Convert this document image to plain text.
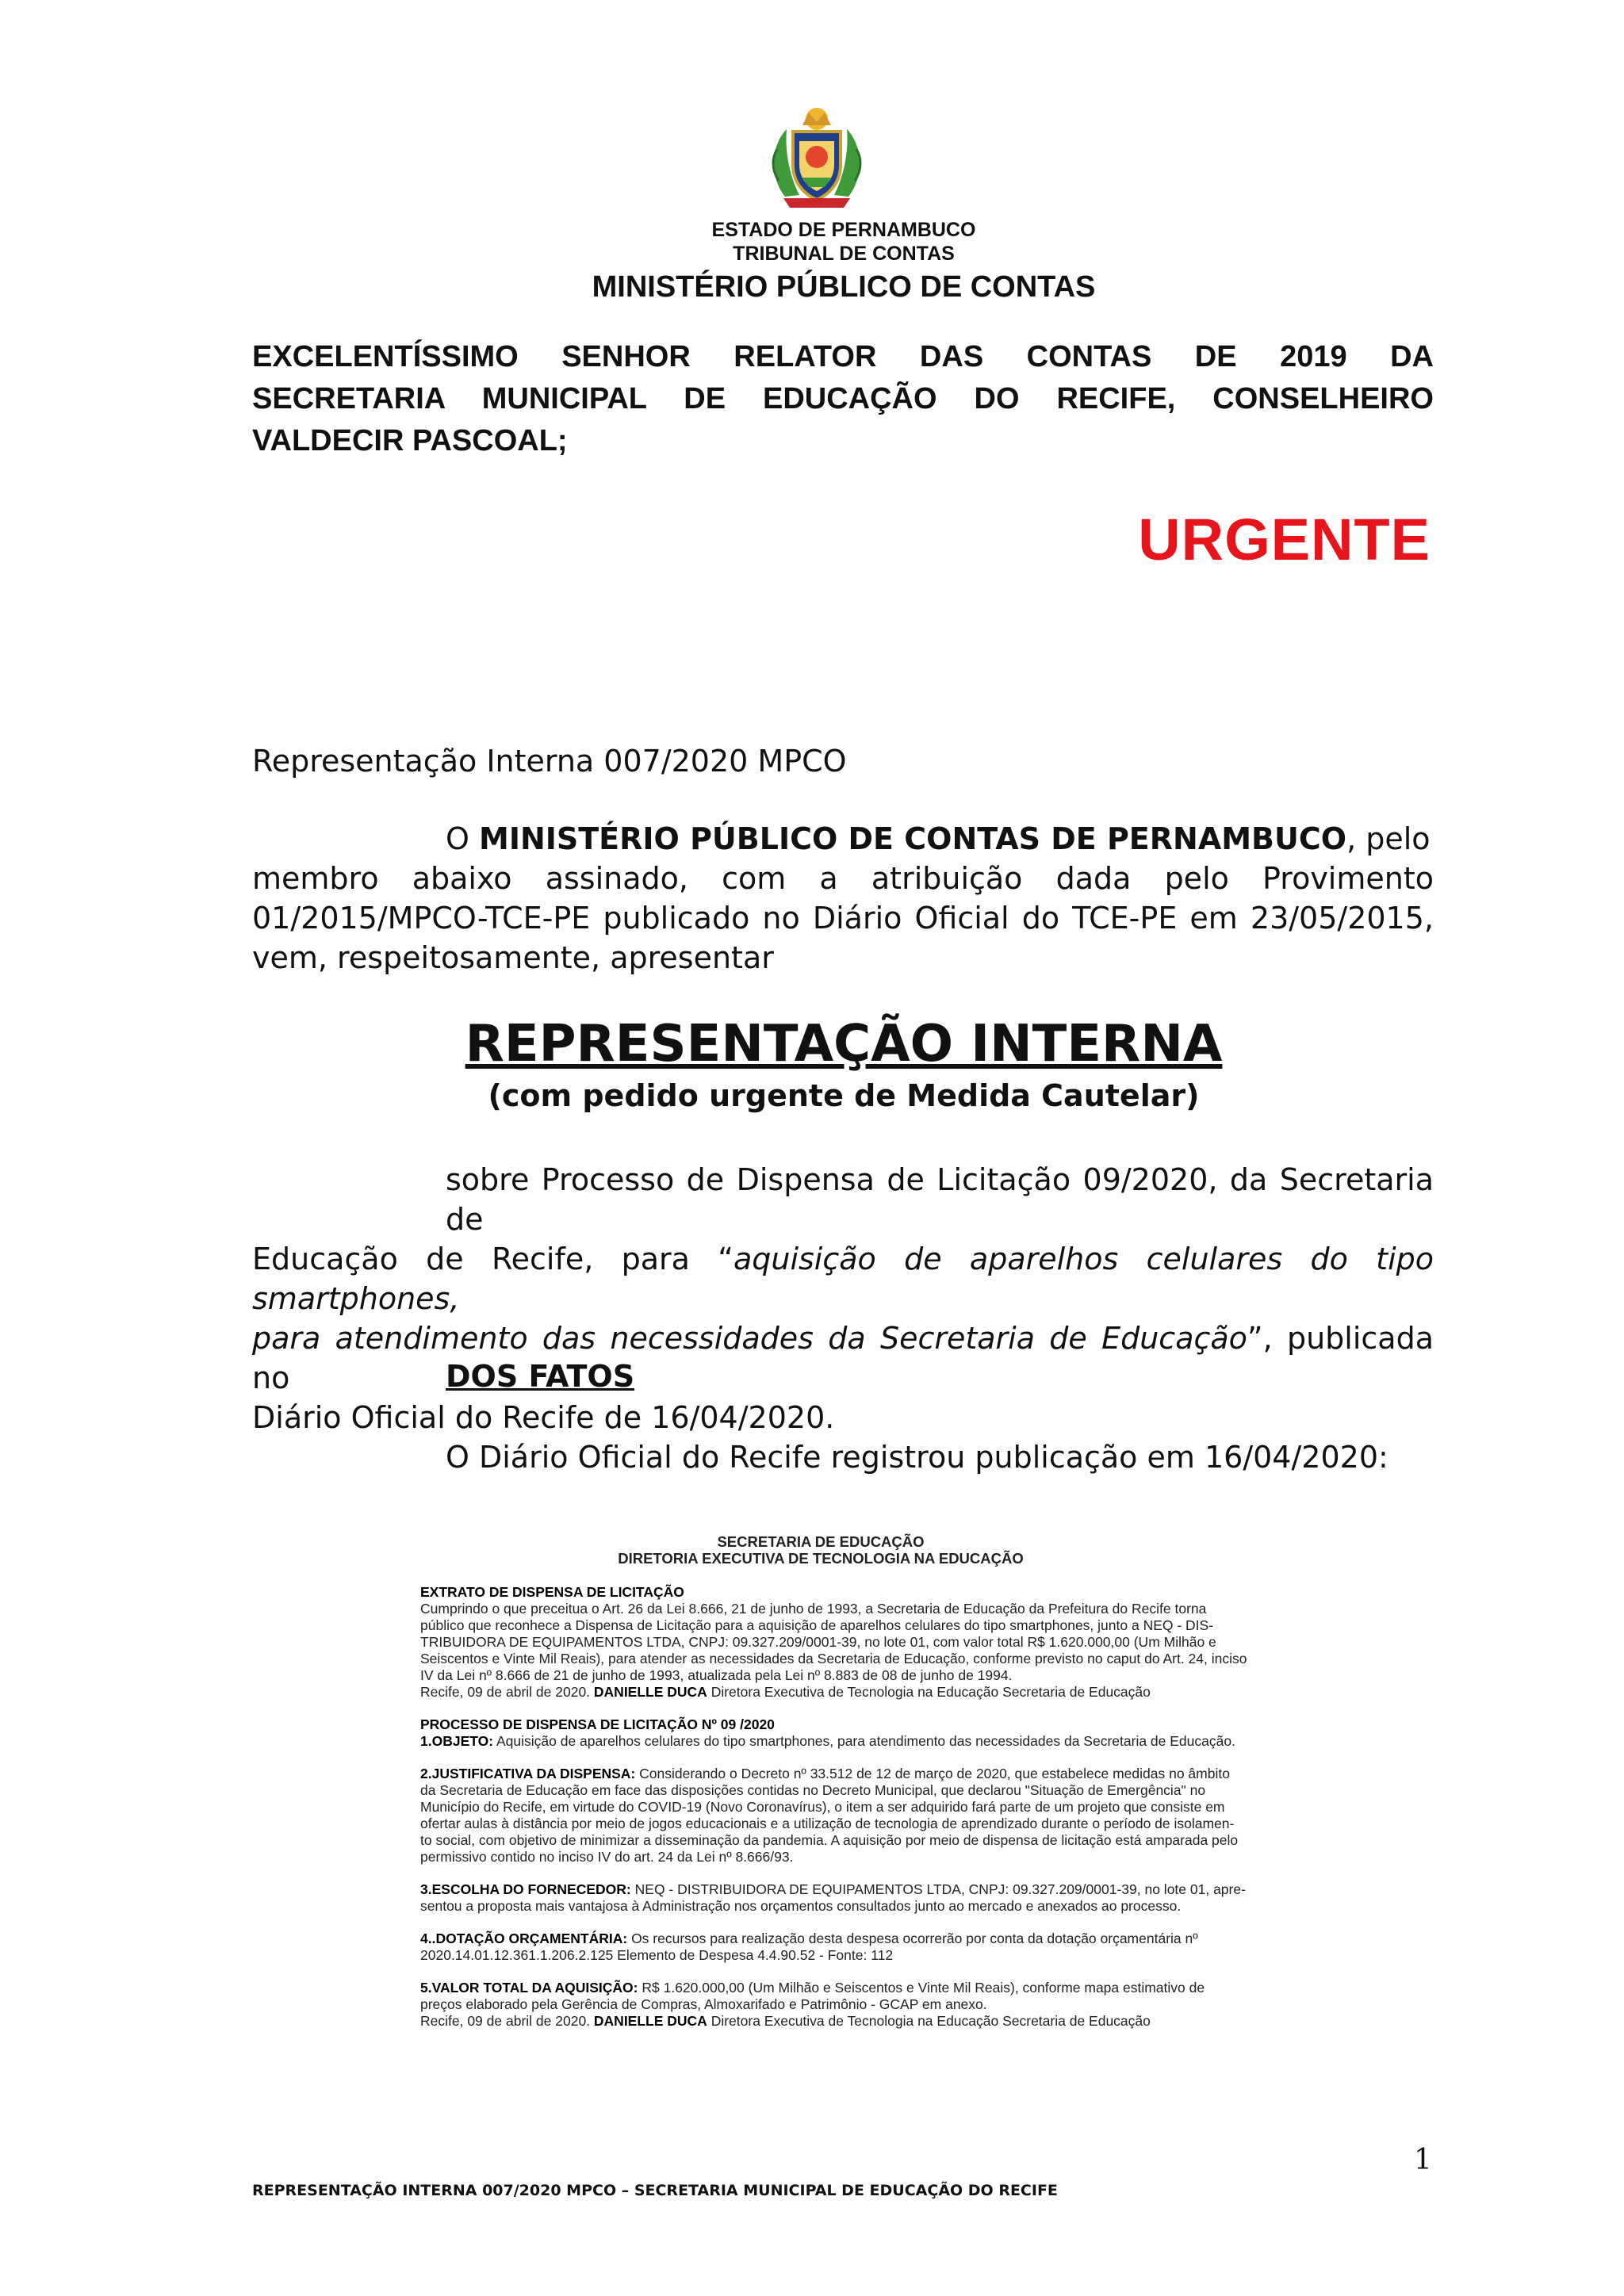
ESTADO DE PERNAMBUCO
TRIBUNAL DE CONTAS
MINISTÉRIO PÚBLICO DE CONTAS
EXCELENTÍSSIMO SENHOR RELATOR DAS CONTAS DE 2019 DA
SECRETARIA MUNICIPAL DE EDUCAÇÃO DO RECIFE, CONSELHEIRO
VALDECIR PASCOAL;
URGENTE
Representação Interna 007/2020 MPCO
O MINISTÉRIO PÚBLICO DE CONTAS DE PERNAMBUCO, pelo
membro abaixo assinado, com a atribuição dada pelo Provimento
01/2015/MPCO-TCE-PE publicado no Diário Oficial do TCE-PE em 23/05/2015,
vem, respeitosamente, apresentar
REPRESENTAÇÃO INTERNA
(com pedido urgente de Medida Cautelar)
sobre Processo de Dispensa de Licitação 09/2020, da Secretaria de
Educação de Recife, para “aquisição de aparelhos celulares do tipo smartphones,
para atendimento das necessidades da Secretaria de Educação”, publicada no
Diário Oficial do Recife de 16/04/2020.
DOS FATOS
O Diário Oficial do Recife registrou publicação em 16/04/2020:

SECRETARIA DE EDUCAÇÃO

DIRETORIA EXECUTIVA DE TECNOLOGIA NA EDUCAÇÃO

EXTRATO DE DISPENSA DE LICITAÇÃO

Cumprindo o que preceitua o Art. 26 da Lei 8.666, 21 de junho de 1993, a Secretaria de Educação da Prefeitura do Recife torna

público que reconhece a Dispensa de Licitação para a aquisição de aparelhos celulares do tipo smartphones, junto a NEQ - DIS-

TRIBUIDORA DE EQUIPAMENTOS LTDA, CNPJ: 09.327.209/0001-39, no lote 01, com valor total R$ 1.620.000,00 (Um Milhão e

Seiscentos e Vinte Mil Reais), para atender as necessidades da Secretaria de Educação, conforme previsto no caput do Art. 24, inciso

IV da Lei nº 8.666 de 21 de junho de 1993, atualizada pela Lei nº 8.883 de 08 de junho de 1994.

Recife, 09 de abril de 2020. DANIELLE DUCA Diretora Executiva de Tecnologia na Educação Secretaria de Educação

PROCESSO DE DISPENSA DE LICITAÇÃO Nº 09 /2020

1.OBJETO: Aquisição de aparelhos celulares do tipo smartphones, para atendimento das necessidades da Secretaria de Educação.

2.JUSTIFICATIVA DA DISPENSA: Considerando o Decreto nº 33.512 de 12 de março de 2020, que estabelece medidas no âmbito

da Secretaria de Educação em face das disposições contidas no Decreto Municipal, que declarou "Situação de Emergência" no

Município do Recife, em virtude do COVID-19 (Novo Coronavírus), o item a ser adquirido fará parte de um projeto que consiste em

ofertar aulas à distância por meio de jogos educacionais e a utilização de tecnologia de aprendizado durante o período de isolamen-

to social, com objetivo de minimizar a disseminação da pandemia. A aquisição por meio de dispensa de licitação está amparada pelo

permissivo contido no inciso IV do art. 24 da Lei nº 8.666/93.

3.ESCOLHA DO FORNECEDOR: NEQ - DISTRIBUIDORA DE EQUIPAMENTOS LTDA, CNPJ: 09.327.209/0001-39, no lote 01, apre-

sentou a proposta mais vantajosa à Administração nos orçamentos consultados junto ao mercado e anexados ao processo.

4..DOTAÇÃO ORÇAMENTÁRIA: Os recursos para realização desta despesa ocorrerão por conta da dotação orçamentária nº

2020.14.01.12.361.1.206.2.125 Elemento de Despesa 4.4.90.52 - Fonte: 112

5.VALOR TOTAL DA AQUISIÇÃO: R$ 1.620.000,00 (Um Milhão e Seiscentos e Vinte Mil Reais), conforme mapa estimativo de

preços elaborado pela Gerência de Compras, Almoxarifado e Patrimônio - GCAP em anexo.

Recife, 09 de abril de 2020. DANIELLE DUCA Diretora Executiva de Tecnologia na Educação Secretaria de Educação

1
REPRESENTAÇÃO INTERNA 007/2020 MPCO – SECRETARIA MUNICIPAL DE EDUCAÇÃO DO RECIFE
